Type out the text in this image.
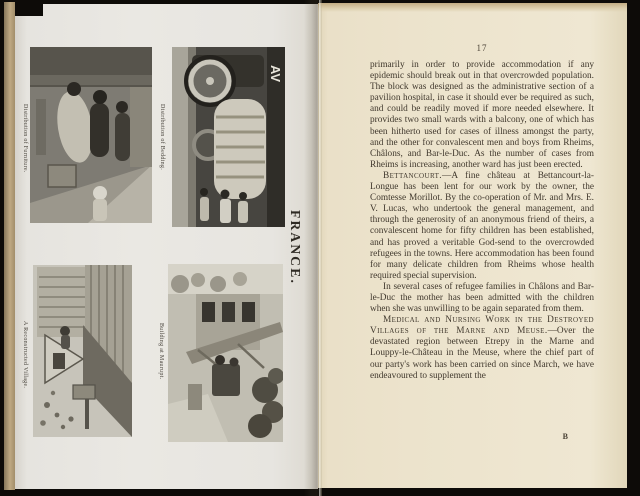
Distribution of Furniture.
AV
Distribution of Bedding.
FRANCE.
A Reconstructed Village.	Building at Maurupt.
17

primarily in order to provide accommodation if any epidemic should break out in that overcrowded population. The block was designed as the administrative section of a pavilion hospital, in case it should ever be required as such, and could be readily moved if more needed elsewhere. It provides two small wards with a balcony, one of which has been hitherto used for cases of illness amongst the party, and the other for convalescent men and boys from Rheims, Châlons, and Bar-le-Duc. As the number of cases from Rheims is increasing, another ward has just been erected.

Bettancourt.—A fine château at Bettancourt-la-Longue has been lent for our work by the owner, the Comtesse Morillot. By the co-operation of Mr. and Mrs. E. V. Lucas, who undertook the general management, and through the generosity of an anonymous friend of theirs, a convalescent home for fifty children has been established, and has proved a veritable God-send to the overcrowded refugees in the towns. Here accommodation has been found for many delicate children from Rheims whose health required special supervision.

In several cases of refugee families in Châlons and Bar-le-Duc the mother has been admitted with the children when she was unwilling to be again separated from them.

Medical and Nursing Work in the Destroyed Villages of the Marne and Meuse.—Over the devastated region between Etrepy in the Marne and Louppy-le-Château in the Meuse, where the chief part of our party's work has been carried on since March, we have endeavoured to supplement the

B
